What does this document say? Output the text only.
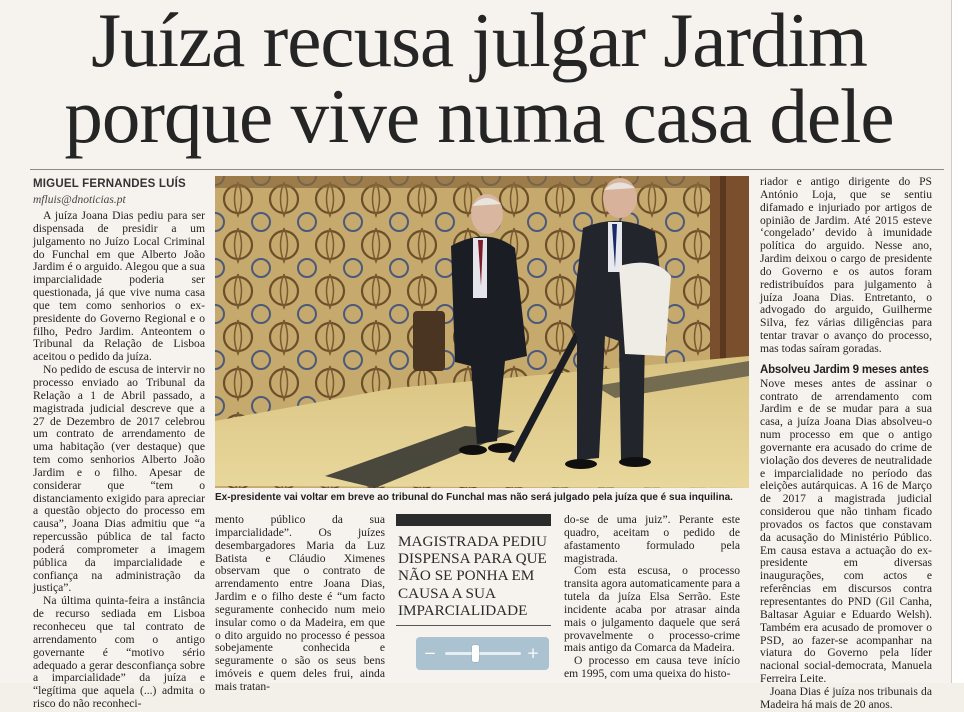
Juíza recusa julgar Jardim
porque vive numa casa dele
MIGUEL FERNANDES LUÍS
mfluis@dnoticias.pt

A juíza Joana Dias pediu para ser dispensada de presidir a um julgamento no Juízo Local Criminal do Funchal em que Alberto João Jardim é o arguido. Alegou que a sua imparcialidade poderia ser questionada, já que vive numa casa que tem como senhorios o ex-presidente do Governo Regional e o filho, Pedro Jardim. Anteontem o Tribunal da Relação de Lisboa aceitou o pedido da juíza.

No pedido de escusa de intervir no processo enviado ao Tribunal da Relação a 1 de Abril passado, a magistrada judicial descreve que a 27 de Dezembro de 2017 celebrou um contrato de arrendamento de uma habitação (ver destaque) que tem como senhorios Alberto João Jardim e o filho. Apesar de considerar que “tem o distanciamento exigido para apreciar a questão objecto do processo em causa”, Joana Dias admitiu que “a repercussão pública de tal facto poderá comprometer a imagem pública da imparcialidade e confiança na administração da justiça”.

Na última quinta-feira a instância de recurso sediada em Lisboa reconheceu que tal contrato de arrendamento com o antigo governante é “motivo sério adequado a gerar desconfiança sobre a imparcialidade” da juíza e “legítima que aquela (...) admita o risco do não reconheci-

Ex-presidente vai voltar em breve ao tribunal do Funchal mas não será julgado pela juíza que é sua inquilina.

mento público da sua imparcialidade”. Os juízes desembargadores Maria da Luz Batista e Cláudio Ximenes observam que o contrato de arrendamento entre Joana Dias, Jardim e o filho deste é “um facto seguramente conhecido num meio insular como o da Madeira, em que o dito arguido no processo é pessoa sobejamente conhecida e seguramente o são os seus bens imóveis e quem deles frui, ainda mais tratan-

MAGISTRADA PEDIU
DISPENSA PARA QUE
NÃO SE PONHA EM
CAUSA A SUA
IMPARCIALIDADE

do-se de uma juiz”. Perante este quadro, aceitam o pedido de afastamento formulado pela magistrada.

Com esta escusa, o processo transita agora automaticamente para a tutela da juíza Elsa Serrão. Este incidente acaba por atrasar ainda mais o julgamento daquele que será provavelmente o processo-crime mais antigo da Comarca da Madeira.

O processo em causa teve início em 1995, com uma queixa do histo-

riador e antigo dirigente do PS António Loja, que se sentiu difamado e injuriado por artigos de opinião de Jardim. Até 2015 esteve ‘congelado’ devido à imunidade política do arguido. Nesse ano, Jardim deixou o cargo de presidente do Governo e os autos foram redistribuídos para julgamento à juíza Joana Dias. Entretanto, o advogado do arguido, Guilherme Silva, fez várias diligências para tentar travar o avanço do processo, mas todas saíram goradas.

Absolveu Jardim 9 meses antes

Nove meses antes de assinar o contrato de arrendamento com Jardim e de se mudar para a sua casa, a juíza Joana Dias absolveu-o num processo em que o antigo governante era acusado do crime de violação dos deveres de neutralidade e imparcialidade no período das eleições autárquicas. A 16 de Março de 2017 a magistrada judicial considerou que não tinham ficado provados os factos que constavam da acusação do Ministério Público. Em causa estava a actuação do ex-presidente em diversas inaugurações, com actos e referências em discursos contra representantes do PND (Gil Canha, Baltasar Aguiar e Eduardo Welsh). Também era acusado de promover o PSD, ao fazer-se acompanhar na viatura do Governo pela líder nacional social-democrata, Manuela Ferreira Leite.

Joana Dias é juíza nos tribunais da Madeira há mais de 20 anos.

−	+
